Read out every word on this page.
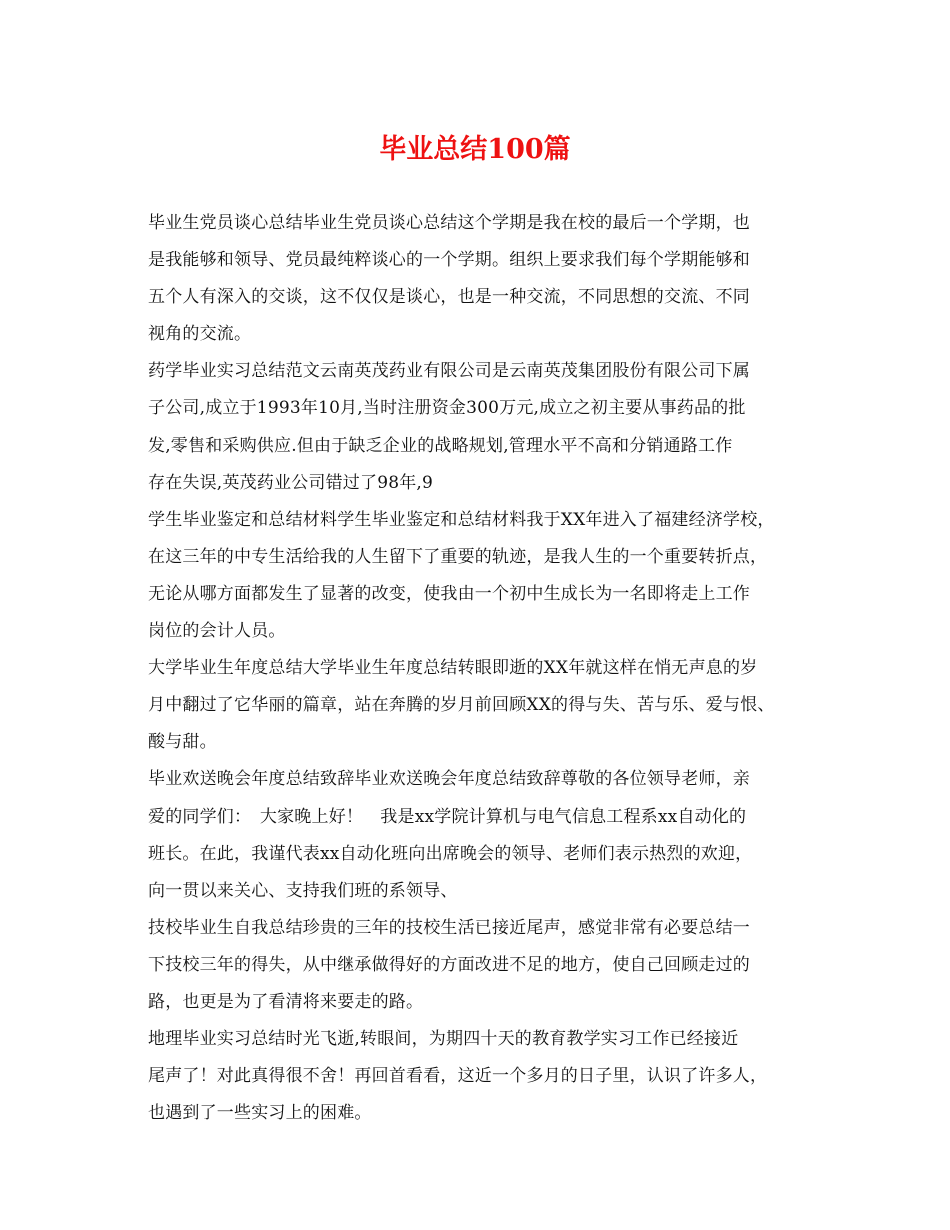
毕业总结100篇
毕业生党员谈心总结毕业生党员谈心总结这个学期是我在校的最后一个学期，也
是我能够和领导、党员最纯粹谈心的一个学期。组织上要求我们每个学期能够和
五个人有深入的交谈，这不仅仅是谈心，也是一种交流，不同思想的交流、不同
视角的交流。
药学毕业实习总结范文云南英茂药业有限公司是云南英茂集团股份有限公司下属
子公司,成立于1993年10月,当时注册资金300万元,成立之初主要从事药品的批
发,零售和采购供应.但由于缺乏企业的战略规划,管理水平不高和分销通路工作
存在失误,英茂药业公司错过了98年,9
学生毕业鉴定和总结材料学生毕业鉴定和总结材料我于XX年进入了福建经济学校，
在这三年的中专生活给我的人生留下了重要的轨迹，是我人生的一个重要转折点，
无论从哪方面都发生了显著的改变，使我由一个初中生成长为一名即将走上工作
岗位的会计人员。
大学毕业生年度总结大学毕业生年度总结转眼即逝的XX年就这样在悄无声息的岁
月中翻过了它华丽的篇章，站在奔腾的岁月前回顾XX的得与失、苦与乐、爱与恨、
酸与甜。
毕业欢送晚会年度总结致辞毕业欢送晚会年度总结致辞尊敬的各位领导老师，亲
爱的同学们：　大家晚上好！　我是xx学院计算机与电气信息工程系xx自动化的
班长。在此，我谨代表xx自动化班向出席晚会的领导、老师们表示热烈的欢迎，
向一贯以来关心、支持我们班的系领导、
技校毕业生自我总结珍贵的三年的技校生活已接近尾声，感觉非常有必要总结一
下技校三年的得失，从中继承做得好的方面改进不足的地方，使自己回顾走过的
路，也更是为了看清将来要走的路。
地理毕业实习总结时光飞逝,转眼间，为期四十天的教育教学实习工作已经接近
尾声了！对此真得很不舍！再回首看看，这近一个多月的日子里，认识了许多人，
也遇到了一些实习上的困难。
